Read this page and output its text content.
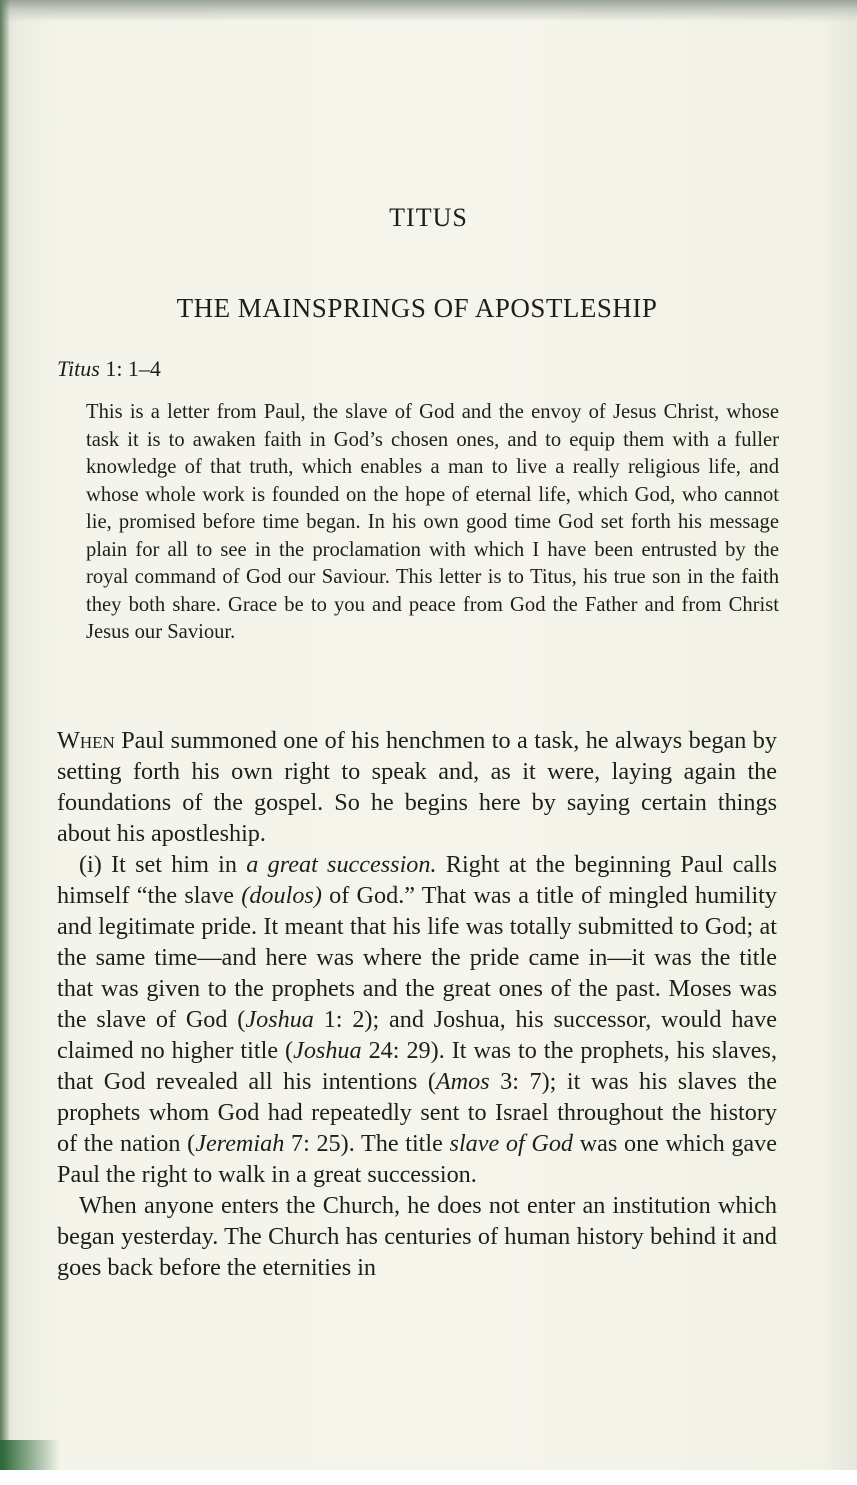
TITUS
THE MAINSPRINGS OF APOSTLESHIP
Titus 1: 1–4

This is a letter from Paul, the slave of God and the envoy of Jesus Christ, whose task it is to awaken faith in God’s chosen ones, and to equip them with a fuller knowledge of that truth, which enables a man to live a really religious life, and whose whole work is founded on the hope of eternal life, which God, who cannot lie, promised before time began. In his own good time God set forth his message plain for all to see in the proclamation with which I have been entrusted by the royal command of God our Saviour. This letter is to Titus, his true son in the faith they both share. Grace be to you and peace from God the Father and from Christ Jesus our Saviour.

When Paul summoned one of his henchmen to a task, he always began by setting forth his own right to speak and, as it were, laying again the foundations of the gospel. So he begins here by saying certain things about his apostleship.

(i) It set him in a great succession. Right at the beginning Paul calls himself “the slave (doulos) of God.” That was a title of mingled humility and legitimate pride. It meant that his life was totally submitted to God; at the same time—and here was where the pride came in—it was the title that was given to the prophets and the great ones of the past. Moses was the slave of God (Joshua 1: 2); and Joshua, his successor, would have claimed no higher title (Joshua 24: 29). It was to the prophets, his slaves, that God revealed all his intentions (Amos 3: 7); it was his slaves the prophets whom God had repeatedly sent to Israel throughout the history of the nation (Jeremiah 7: 25). The title slave of God was one which gave Paul the right to walk in a great succession.

When anyone enters the Church, he does not enter an institution which began yesterday. The Church has centuries of human history behind it and goes back before the eternities in
